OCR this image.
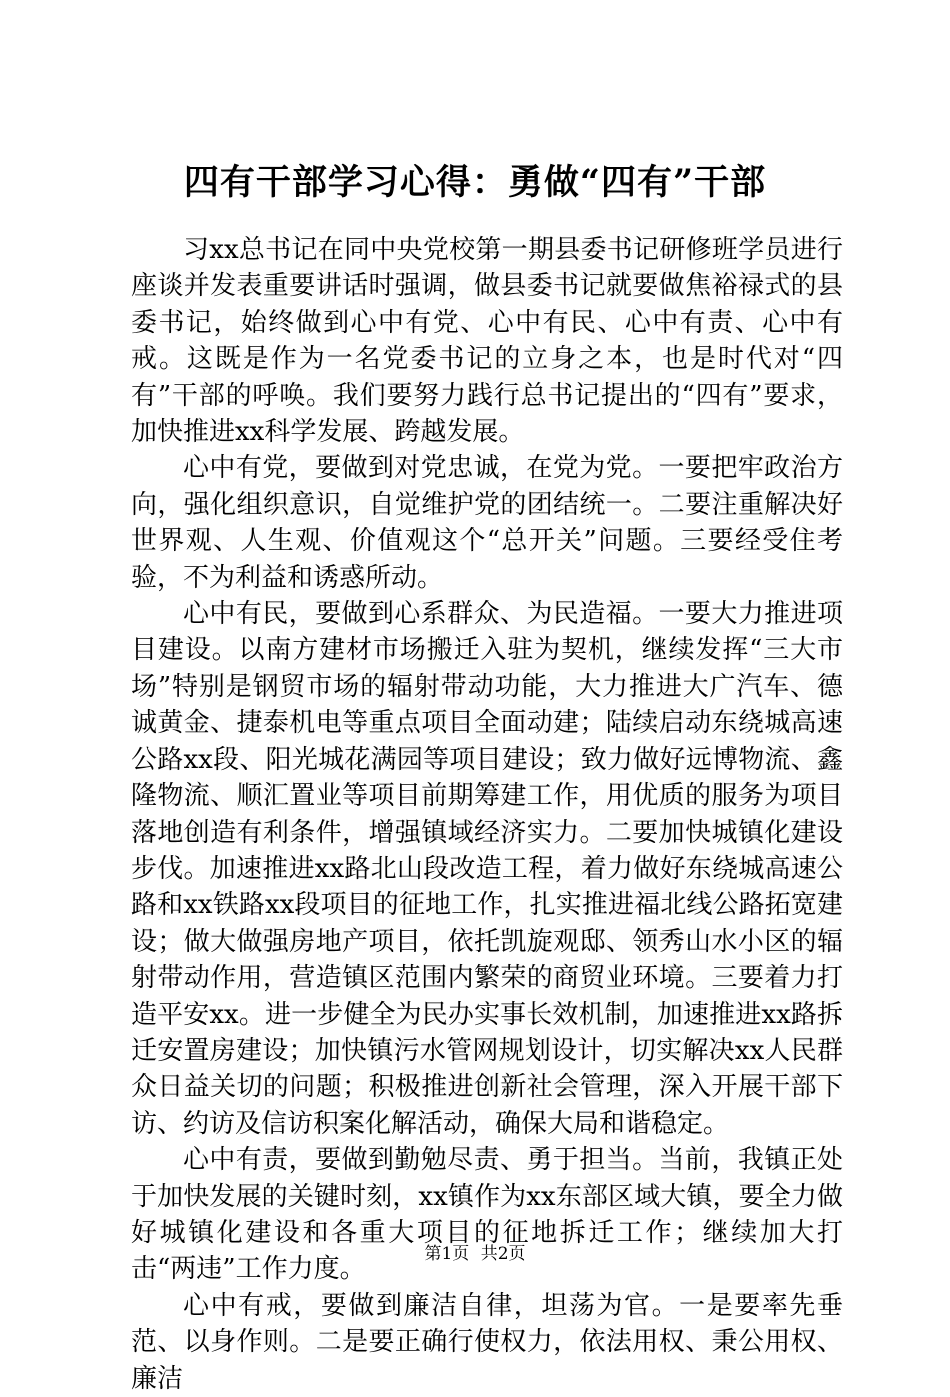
四有干部学习心得：勇做“四有”干部

习xx总书记在同中央党校第一期县委书记研修班学员进行座谈并发表重要讲话时强调，做县委书记就要做焦裕禄式的县委书记，始终做到心中有党、心中有民、心中有责、心中有戒。这既是作为一名党委书记的立身之本，也是时代对“四有”干部的呼唤。我们要努力践行总书记提出的“四有”要求，加快推进xx科学发展、跨越发展。

心中有党，要做到对党忠诚，在党为党。一要把牢政治方向，强化组织意识，自觉维护党的团结统一。二要注重解决好世界观、人生观、价值观这个“总开关”问题。三要经受住考验，不为利益和诱惑所动。

心中有民，要做到心系群众、为民造福。一要大力推进项目建设。以南方建材市场搬迁入驻为契机，继续发挥“三大市场”特别是钢贸市场的辐射带动功能，大力推进大广汽车、德诚黄金、捷泰机电等重点项目全面动建；陆续启动东绕城高速公路xx段、阳光城花满园等项目建设；致力做好远博物流、鑫隆物流、顺汇置业等项目前期筹建工作，用优质的服务为项目落地创造有利条件，增强镇域经济实力。二要加快城镇化建设步伐。加速推进xx路北山段改造工程，着力做好东绕城高速公路和xx铁路xx段项目的征地工作，扎实推进福北线公路拓宽建设；做大做强房地产项目，依托凯旋观邸、领秀山水小区的辐射带动作用，营造镇区范围内繁荣的商贸业环境。三要着力打造平安xx。进一步健全为民办实事长效机制，加速推进xx路拆迁安置房建设；加快镇污水管网规划设计，切实解决xx人民群众日益关切的问题；积极推进创新社会管理，深入开展干部下访、约访及信访积案化解活动，确保大局和谐稳定。

心中有责，要做到勤勉尽责、勇于担当。当前，我镇正处于加快发展的关键时刻，xx镇作为xx东部区域大镇，要全力做好城镇化建设和各重大项目的征地拆迁工作；继续加大打击“两违”工作力度。

心中有戒，要做到廉洁自律，坦荡为官。一是要率先垂范、以身作则。二是要正确行使权力，依法用权、秉公用权、廉洁

第1页 共2页
